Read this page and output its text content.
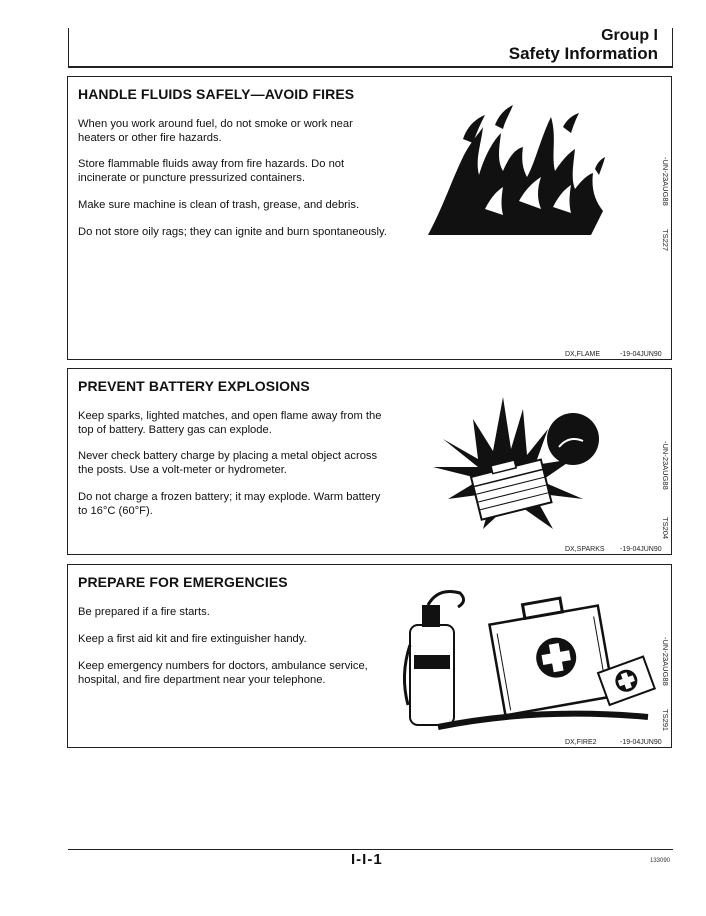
Group I
Safety Information
HANDLE FLUIDS SAFELY—AVOID FIRES

When you work around fuel, do not smoke or work near heaters or other fire hazards.

Store flammable fluids away from fire hazards. Do not incinerate or puncture pressurized containers.

Make sure machine is clean of trash, grease, and debris.

Do not store oily rags; they can ignite and burn spontaneously.

-UN-23AUG88
TS227
DX,FLAME	-19-04JUN90
PREVENT BATTERY EXPLOSIONS

Keep sparks, lighted matches, and open flame away from the top of battery. Battery gas can explode.

Never check battery charge by placing a metal object across the posts. Use a volt-meter or hydrometer.

Do not charge a frozen battery; it may explode. Warm battery to 16°C (60°F).

-UN-23AUG88
TS204
DX,SPARKS -19-04JUN90
PREPARE FOR EMERGENCIES

Be prepared if a fire starts.

Keep a first aid kit and fire extinguisher handy.

Keep emergency numbers for doctors, ambulance service, hospital, and fire department near your telephone.	-UN-23AUG88
TS291
DX,FIRE2	-19-04JUN90
I-I-1	133090
